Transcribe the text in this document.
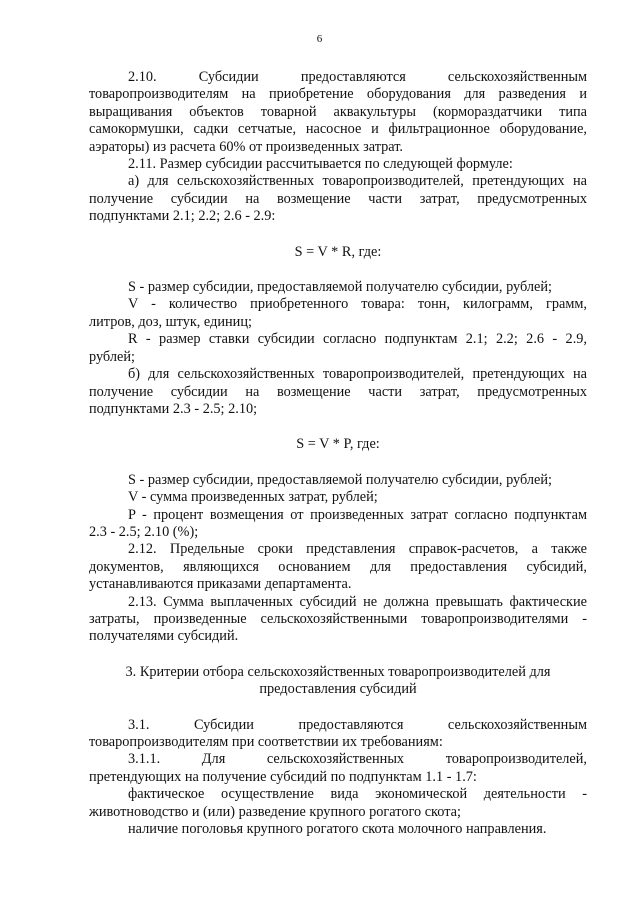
6
2.10. Субсидии предоставляются сельскохозяйственным
товаропроизводителям на приобретение оборудования для разведения и
выращивания объектов товарной аквакультуры (кормораздатчики типа
самокормушки, садки сетчатые, насосное и фильтрационное оборудование,
аэраторы) из расчета 60% от произведенных затрат.
2.11. Размер субсидии рассчитывается по следующей формуле:
а) для сельскохозяйственных товаропроизводителей, претендующих на
получение субсидии на возмещение части затрат, предусмотренных
подпунктами 2.1; 2.2; 2.6 - 2.9:
S = V * R, где:
S - размер субсидии, предоставляемой получателю субсидии, рублей;
V - количество приобретенного товара: тонн, килограмм, грамм,
литров, доз, штук, единиц;
R - размер ставки субсидии согласно подпунктам 2.1; 2.2; 2.6 - 2.9,
рублей;
б) для сельскохозяйственных товаропроизводителей, претендующих на
получение субсидии на возмещение части затрат, предусмотренных
подпунктами 2.3 - 2.5; 2.10;
S = V * P, где:
S - размер субсидии, предоставляемой получателю субсидии, рублей;
V - сумма произведенных затрат, рублей;
P - процент возмещения от произведенных затрат согласно подпунктам
2.3 - 2.5; 2.10 (%);
2.12. Предельные сроки представления справок-расчетов, а также
документов, являющихся основанием для предоставления субсидий,
устанавливаются приказами департамента.
2.13. Сумма выплаченных субсидий не должна превышать фактические
затраты, произведенные сельскохозяйственными товаропроизводителями -
получателями субсидий.
3. Критерии отбора сельскохозяйственных товаропроизводителей для
предоставления субсидий
3.1. Субсидии предоставляются сельскохозяйственным
товаропроизводителям при соответствии их требованиям:
3.1.1. Для сельскохозяйственных товаропроизводителей,
претендующих на получение субсидий по подпунктам 1.1 - 1.7:
фактическое осуществление вида экономической деятельности -
животноводство и (или) разведение крупного рогатого скота;
наличие поголовья крупного рогатого скота молочного направления.
